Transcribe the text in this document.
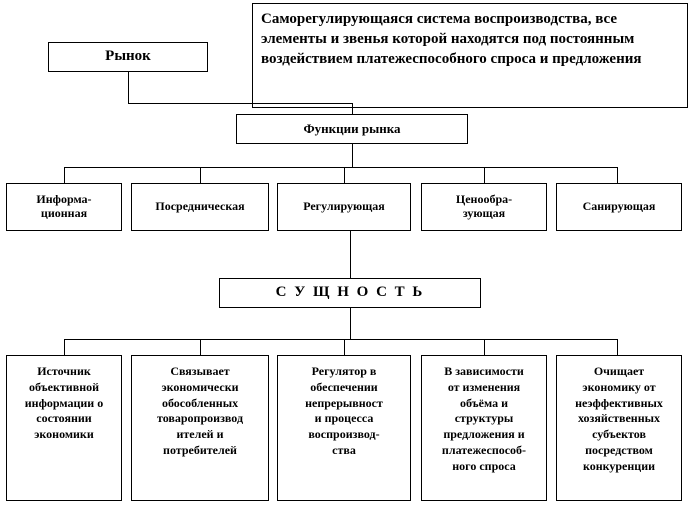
Саморегулирующаяся система воспроизводства, все элементы и звенья которой находятся под постоянным воздействием платежеспособного спроса и предложения
Рынок
Функции рынка
С У Щ Н О С Т Ь
Информа-
ционная	Посредническая	Регулирующая	Ценообра-
зующая	Санирующая
Источник
объективной
информации о
состоянии
экономики
Связывает
экономически
обособленных
товаропроизвод
ителей и
потребителей
Регулятор в
обеспечении
непрерывност
и процесса
воспроизвод-
ства
В зависимости
от изменения
объёма и
структуры
предложения и
платежеспособ-
ного спроса
Очищает
экономику от
неэффективных
хозяйственных
субъектов
посредством
конкуренции
